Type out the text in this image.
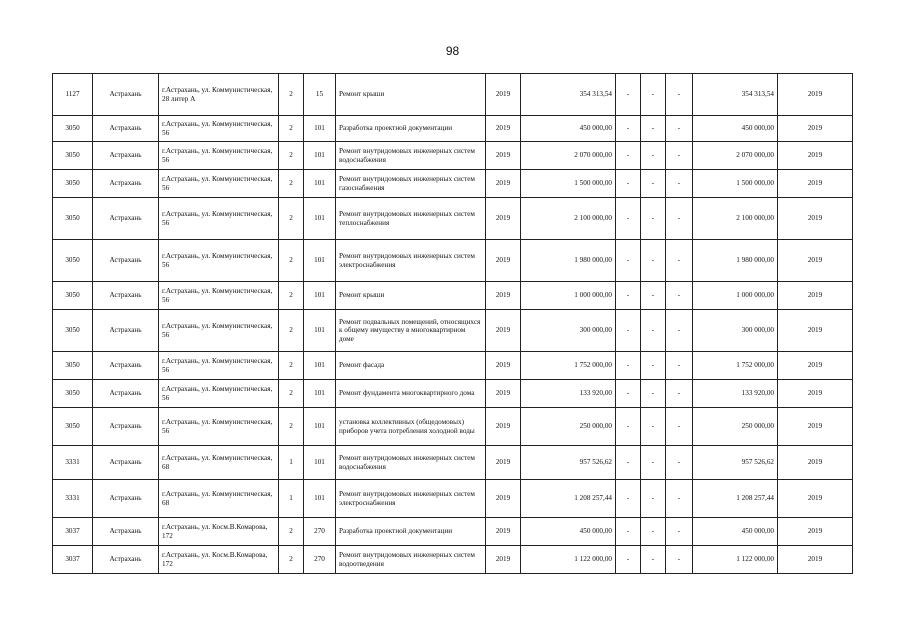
98
1127	Астрахань	г.Астрахань, ул. Коммунистическая, 28 литер А	2	15	Ремонт крыши	2019	354 313,54	-	-	-	354 313,54	2019
3050	Астрахань	г.Астрахань, ул. Коммунистическая, 56	2	101	Разработка проектной документации	2019	450 000,00	-	-	-	450 000,00	2019
3050	Астрахань	г.Астрахань, ул. Коммунистическая, 56	2	101	Ремонт внутридомовых инженерных систем водоснабжения	2019	2 070 000,00	-	-	-	2 070 000,00	2019
3050	Астрахань	г.Астрахань, ул. Коммунистическая, 56	2	101	Ремонт внутридомовых инженерных систем газоснабжения	2019	1 500 000,00	-	-	-	1 500 000,00	2019
3050	Астрахань	г.Астрахань, ул. Коммунистическая, 56	2	101	Ремонт внутридомовых инженерных систем теплоснабжения	2019	2 100 000,00	-	-	-	2 100 000,00	2019
3050	Астрахань	г.Астрахань, ул. Коммунистическая, 56	2	101	Ремонт внутридомовых инженерных систем электроснабжения	2019	1 980 000,00	-	-	-	1 980 000,00	2019
3050	Астрахань	г.Астрахань, ул. Коммунистическая, 56	2	101	Ремонт крыши	2019	1 000 000,00	-	-	-	1 000 000,00	2019
3050	Астрахань	г.Астрахань, ул. Коммунистическая, 56	2	101	Ремонт подвальных помещений, относящихся к общему имуществу в многоквартирном доме	2019	300 000,00	-	-	-	300 000,00	2019
3050	Астрахань	г.Астрахань, ул. Коммунистическая, 56	2	101	Ремонт фасада	2019	1 752 000,00	-	-	-	1 752 000,00	2019
3050	Астрахань	г.Астрахань, ул. Коммунистическая, 56	2	101	Ремонт фундамента многоквартирного дома	2019	133 920,00	-	-	-	133 920,00	2019
3050	Астрахань	г.Астрахань, ул. Коммунистическая, 56	2	101	установка коллективных (общедомовых) приборов учета потребления холодной воды	2019	250 000,00	-	-	-	250 000,00	2019
3331	Астрахань	г.Астрахань, ул. Коммунистическая, 68	1	101	Ремонт внутридомовых инженерных систем водоснабжения	2019	957 526,62	-	-	-	957 526,62	2019
3331	Астрахань	г.Астрахань, ул. Коммунистическая, 68	1	101	Ремонт внутридомовых инженерных систем электроснабжения	2019	1 208 257,44	-	-	-	1 208 257,44	2019
3037	Астрахань	г.Астрахань, ул. Косм.В.Комарова, 172	2	270	Разработка проектной документации	2019	450 000,00	-	-	-	450 000,00	2019
3037	Астрахань	г.Астрахань, ул. Косм.В.Комарова, 172	2	270	Ремонт внутридомовых инженерных систем водоотведения	2019	1 122 000,00	-	-	-	1 122 000,00	2019
